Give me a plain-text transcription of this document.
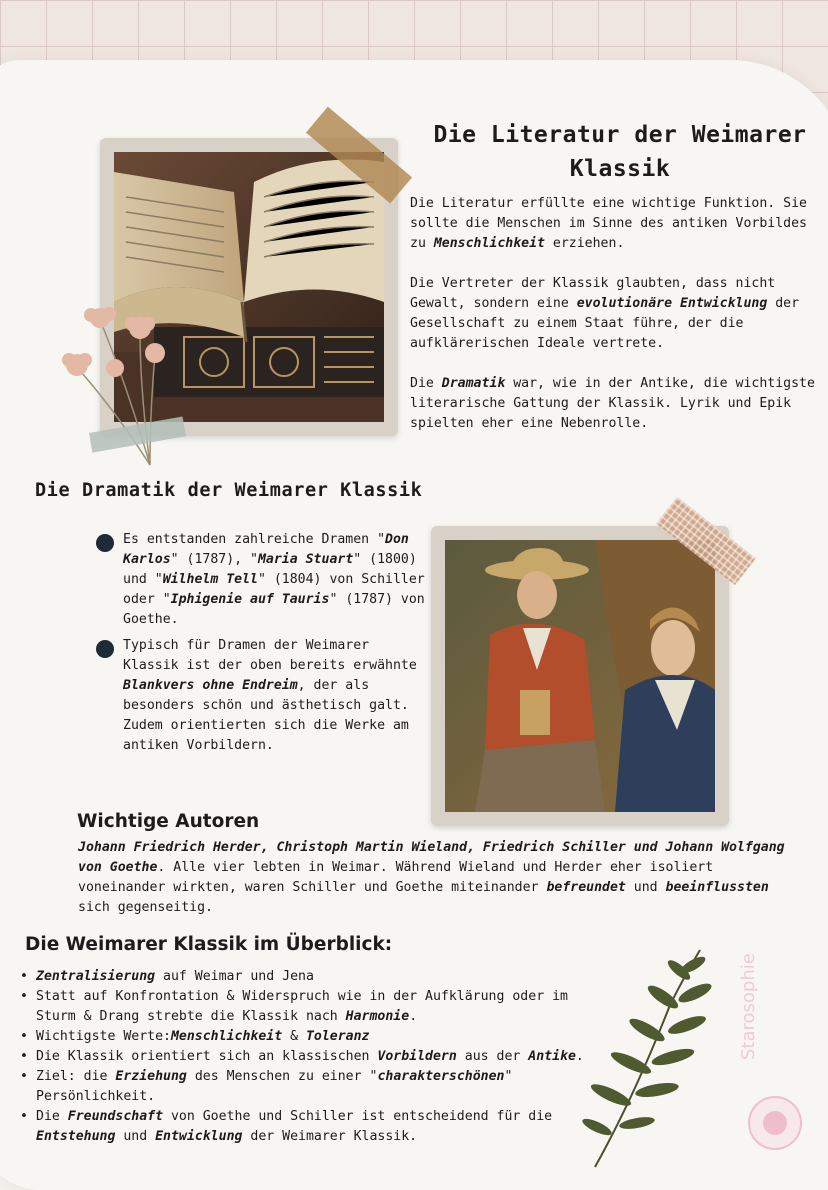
Die Literatur der Weimarer Klassik

Die Literatur erfüllte eine wichtige Funktion. Sie sollte die Menschen im Sinne des antiken Vorbildes zu Menschlichkeit erziehen.

Die Vertreter der Klassik glaubten, dass nicht Gewalt, sondern eine evolutionäre Entwicklung der Gesellschaft zu einem Staat führe, der die aufklärerischen Ideale vertrete.

Die Dramatik war, wie in der Antike, die wichtigste literarische Gattung der Klassik. Lyrik und Epik spielten eher eine Nebenrolle.

Die Dramatik der Weimarer Klassik
Es entstanden zahlreiche Dramen "Don Karlos" (1787), "Maria Stuart" (1800) und "Wilhelm Tell" (1804) von Schiller oder "Iphigenie auf Tauris" (1787) von Goethe.
Typisch für Dramen der Weimarer Klassik ist der oben bereits erwähnte Blankvers ohne Endreim, der als besonders schön und ästhetisch galt. Zudem orientierten sich die Werke am antiken Vorbildern.
Wichtige Autoren
Johann Friedrich Herder, Christoph Martin Wieland, Friedrich Schiller und Johann Wolfgang von Goethe. Alle vier lebten in Weimar. Während Wieland und Herder eher isoliert voneinander wirkten, waren Schiller und Goethe miteinander befreundet und beeinflussten sich gegenseitig.
Die Weimarer Klassik im Überblick:
• Zentralisierung auf Weimar und Jena
• Statt auf Konfrontation & Widerspruch wie in der Aufklärung oder im Sturm & Drang strebte die Klassik nach Harmonie.
• Wichtigste Werte:Menschlichkeit & Toleranz
• Die Klassik orientiert sich an klassischen Vorbildern aus der Antike.
• Ziel: die Erziehung des Menschen zu einer "charakterschönen" Persönlichkeit.
• Die Freundschaft von Goethe und Schiller ist entscheidend für die Entstehung und Entwicklung der Weimarer Klassik.
Starosophie
